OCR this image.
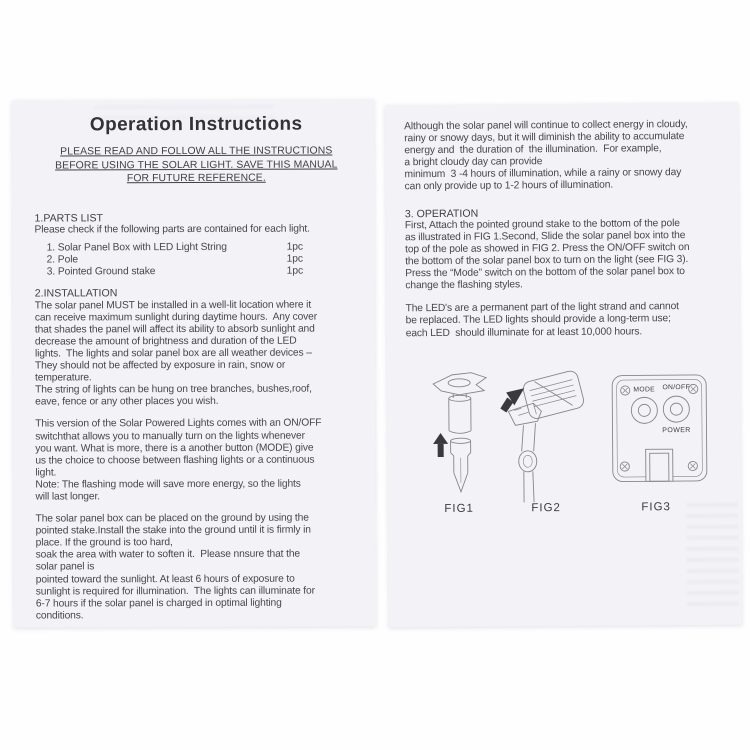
Operation Instructions
PLEASE READ AND FOLLOW ALL THE INSTRUCTIONS
BEFORE USING THE SOLAR LIGHT. SAVE THIS MANUAL
FOR FUTURE REFERENCE.
1.PARTS LIST
Please check if the following parts are contained for each light.
1. Solar Panel Box with LED Light String	1pc
2. Pole	1pc
3. Pointed Ground stake	1pc
2.INSTALLATION
The solar panel MUST be installed in a well-lit location where it
can receive maximum sunlight during daytime hours.  Any cover
that shades the panel will affect its ability to absorb sunlight and
decrease the amount of brightness and duration of the LED
lights.  The lights and solar panel box are all weather devices –
They should not be affected by exposure in rain, snow or
temperature.
The string of lights can be hung on tree branches, bushes,roof,
eave, fence or any other places you wish.
This version of the Solar Powered Lights comes with an ON/OFF
switchthat allows you to manually turn on the lights whenever
you want. What is more, there is a another button (MODE) give
us the choice to choose between flashing lights or a continuous
light.
Note: The flashing mode will save more energy, so the lights
will last longer.
The solar panel box can be placed on the ground by using the
pointed stake.Install the stake into the ground until it is firmly in
place. If the ground is too hard,
soak the area with water to soften it.  Please nnsure that the
solar panel is
pointed toward the sunlight. At least 6 hours of exposure to
sunlight is required for illumination.  The lights can illuminate for
6-7 hours if the solar panel is charged in optimal lighting
conditions.
Although the solar panel will continue to collect energy in cloudy,
rainy or snowy days, but it will diminish the ability to accumulate
energy and  the duration of  the illumination.  For example,
a bright cloudy day can provide
minimum  3 -4 hours of illumination, while a rainy or snowy day
can only provide up to 1-2 hours of illumination.
3. OPERATION
First, Attach the pointed ground stake to the bottom of the pole
as illustrated in FIG 1.Second, Slide the solar panel box into the
top of the pole as showed in FIG 2. Press the ON/OFF switch on
the bottom of the solar panel box to turn on the light (see FIG 3).
Press the “Mode” switch on the bottom of the solar panel box to
change the flashing styles.
The LED's are a permanent part of the light strand and cannot
be replaced. The LED lights should provide a long-term use;
each LED  should illuminate for at least 10,000 hours.
MODE ON/OFF
POWER
FIG1	FIG2	FIG3
